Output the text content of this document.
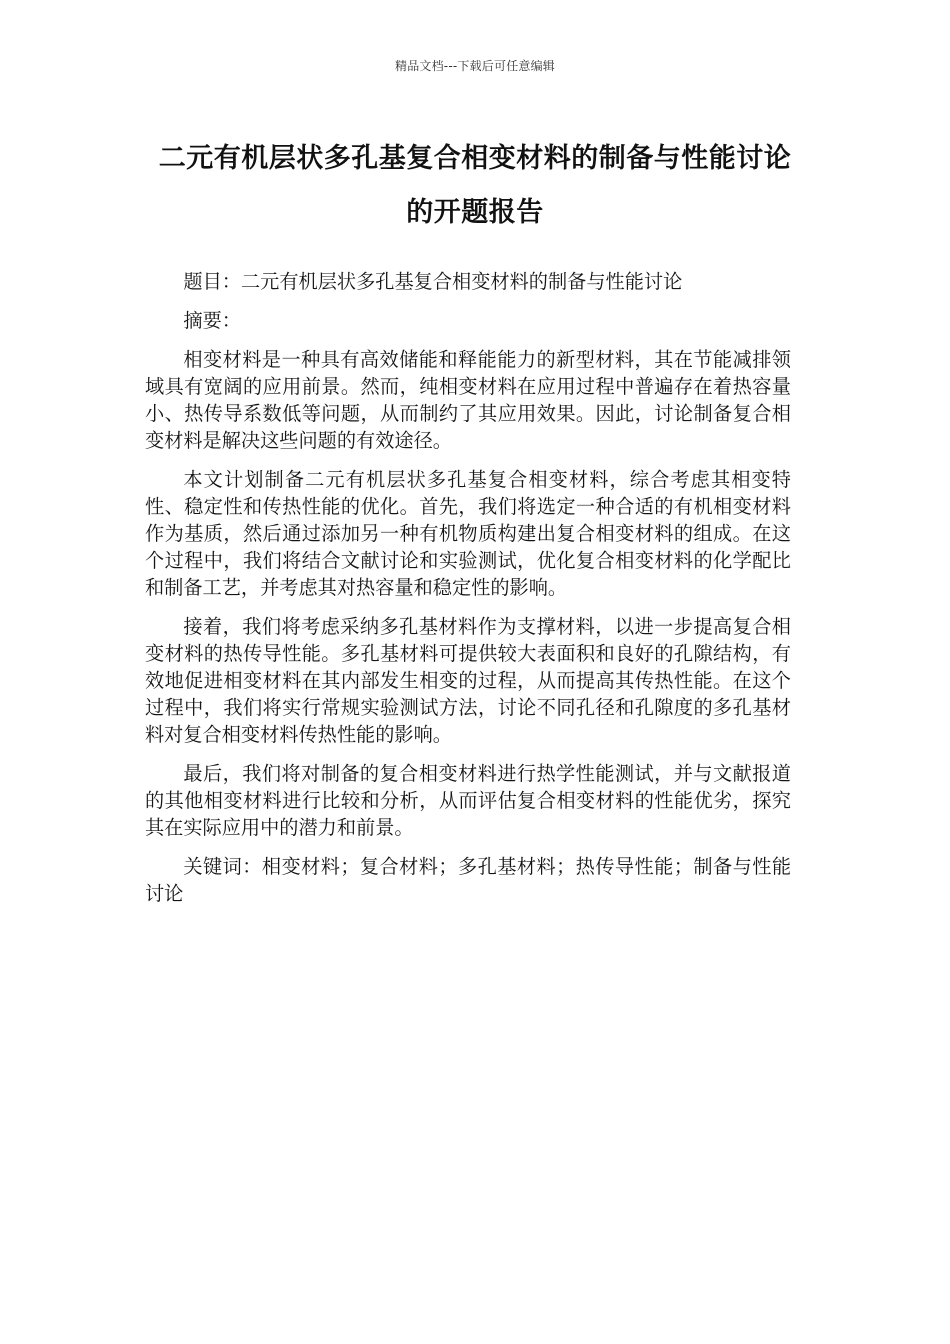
精品文档---下载后可任意编辑
二元有机层状多孔基复合相变材料的制备与性能讨论
的开题报告

题目：二元有机层状多孔基复合相变材料的制备与性能讨论

摘要：

相变材料是一种具有高效储能和释能能力的新型材料，其在节能减排领域具有宽阔的应用前景。然而，纯相变材料在应用过程中普遍存在着热容量小、热传导系数低等问题，从而制约了其应用效果。因此，讨论制备复合相变材料是解决这些问题的有效途径。

本文计划制备二元有机层状多孔基复合相变材料，综合考虑其相变特性、稳定性和传热性能的优化。首先，我们将选定一种合适的有机相变材料作为基质，然后通过添加另一种有机物质构建出复合相变材料的组成。在这个过程中，我们将结合文献讨论和实验测试，优化复合相变材料的化学配比和制备工艺，并考虑其对热容量和稳定性的影响。

接着，我们将考虑采纳多孔基材料作为支撑材料，以进一步提高复合相变材料的热传导性能。多孔基材料可提供较大表面积和良好的孔隙结构，有效地促进相变材料在其内部发生相变的过程，从而提高其传热性能。在这个过程中，我们将实行常规实验测试方法，讨论不同孔径和孔隙度的多孔基材料对复合相变材料传热性能的影响。

最后，我们将对制备的复合相变材料进行热学性能测试，并与文献报道的其他相变材料进行比较和分析，从而评估复合相变材料的性能优劣，探究其在实际应用中的潜力和前景。

关键词：相变材料；复合材料；多孔基材料；热传导性能；制备与性能讨论
